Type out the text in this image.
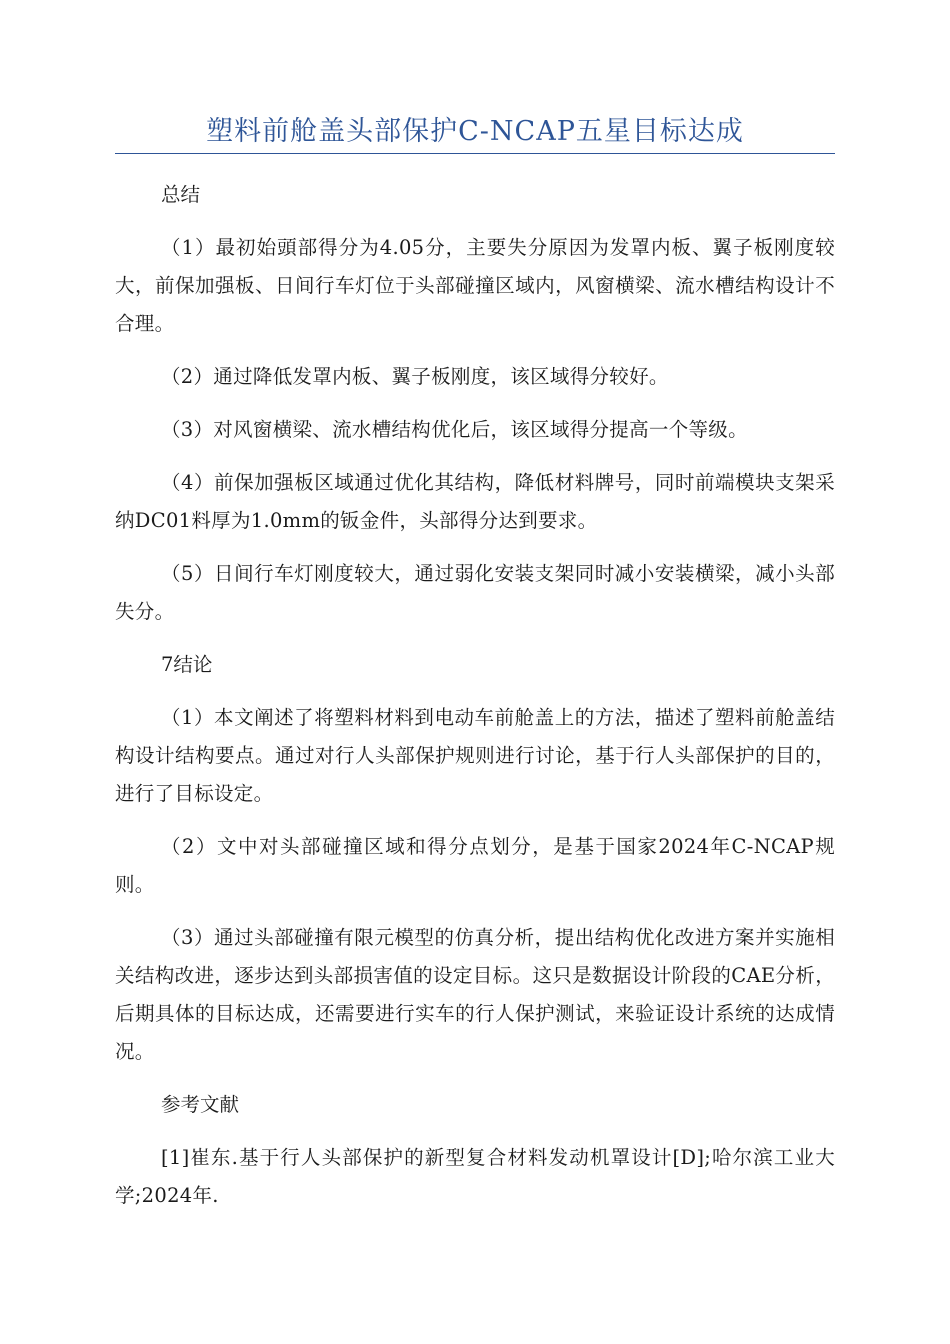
塑料前舱盖头部保护C-NCAP五星目标达成

总结

（1）最初始頭部得分为4.05分，主要失分原因为发罩内板、翼子板刚度较大，前保加强板、日间行车灯位于头部碰撞区域内，风窗横梁、流水槽结构设计不合理。

（2）通过降低发罩内板、翼子板刚度，该区域得分较好。

（3）对风窗横梁、流水槽结构优化后，该区域得分提高一个等级。

（4）前保加强板区域通过优化其结构，降低材料牌号，同时前端模块支架采纳DC01料厚为1.0mm的钣金件，头部得分达到要求。

（5）日间行车灯刚度较大，通过弱化安装支架同时减小安装横梁，减小头部失分。

7结论

（1）本文阐述了将塑料材料到电动车前舱盖上的方法，描述了塑料前舱盖结构设计结构要点。通过对行人头部保护规则进行讨论，基于行人头部保护的目的，进行了目标设定。

（2）文中对头部碰撞区域和得分点划分，是基于国家2024年C-NCAP规则。

（3）通过头部碰撞有限元模型的仿真分析，提出结构优化改进方案并实施相关结构改进，逐步达到头部损害值的设定目标。这只是数据设计阶段的CAE分析，后期具体的目标达成，还需要进行实车的行人保护测试，来验证设计系统的达成情况。

参考文献

[1]崔东.基于行人头部保护的新型复合材料发动机罩设计[D];哈尔滨工业大学;2024年.
